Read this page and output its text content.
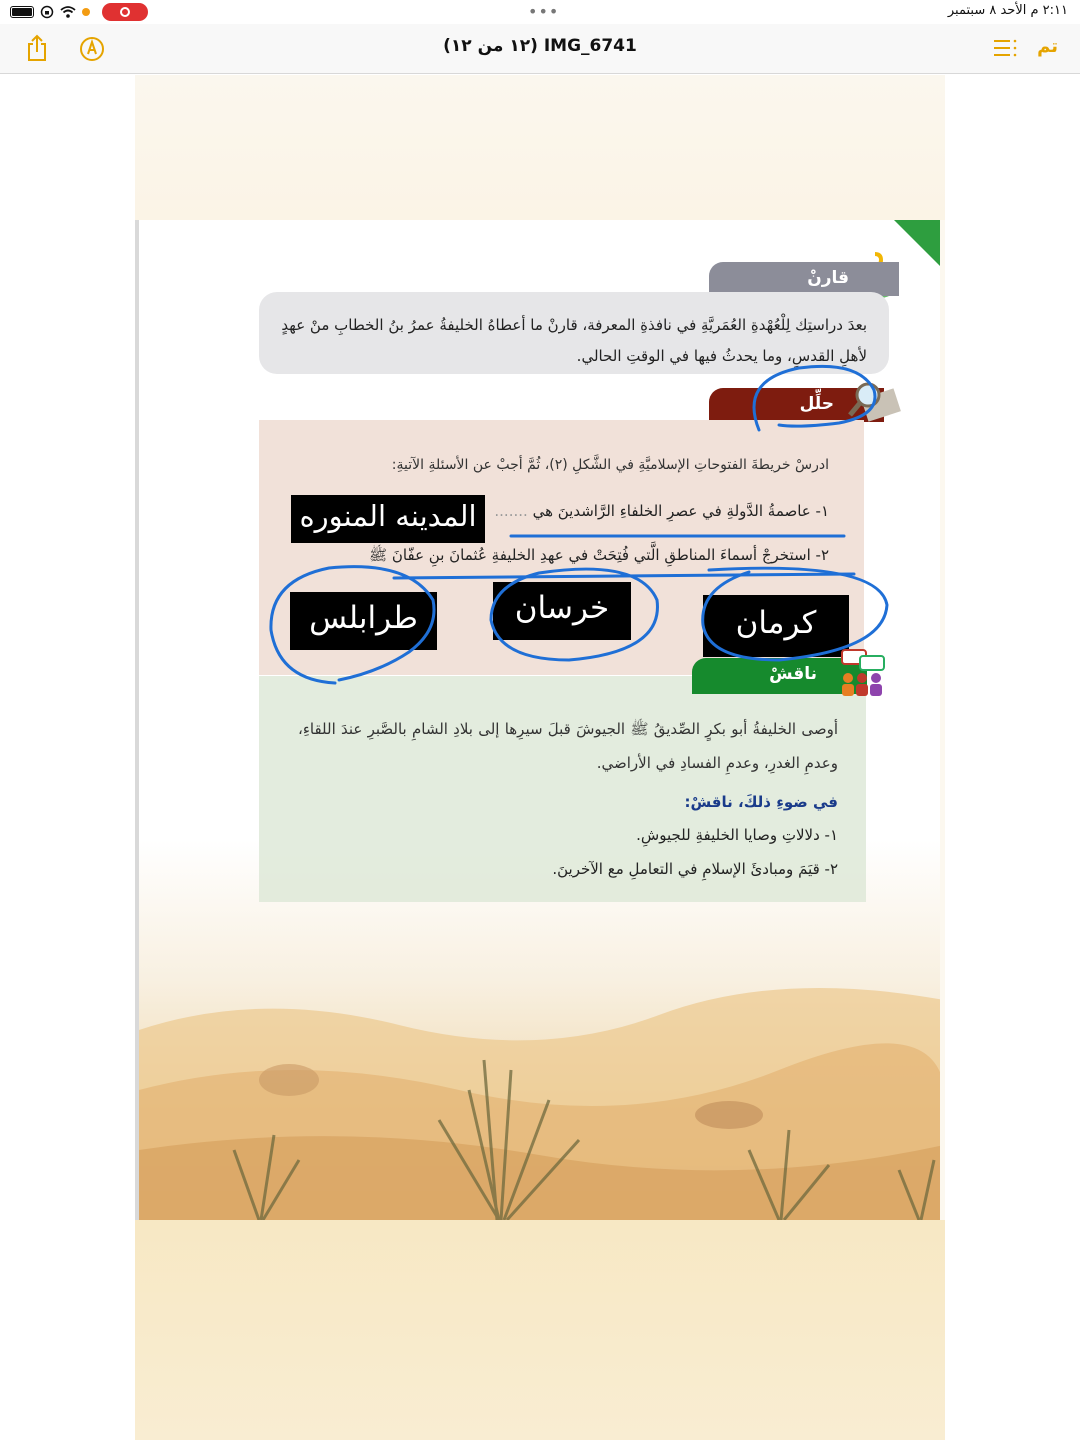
•••	٢:١١ م الأحد ٨ سبتمبر
IMG_6741 (١٢ من ١٢)	تم
قارنْ
بعدَ دراستِك لِلْعُهْدةِ العُمَريَّةِ في نافذةِ المعرفة، قارنْ ما أعطاهُ الخليفةُ عمرُ بنُ الخطابِ منْ عهدٍ لأهلِ القدسِ، وما يحدثُ فيها في الوقتِ الحالي.
حلِّل
ادرسْ خريطةَ الفتوحاتِ الإسلاميَّةِ في الشَّكلِ (٢)، ثُمَّ أجبْ عن الأسئلةِ الآتيةِ:
١- عاصمةُ الدَّولةِ في عصرِ الخلفاءِ الرَّاشدينَ هي .......
٢- استخرجْ أسماءَ المناطقِ الَّتي فُتِحَتْ في عهدِ الخليفةِ عُثمانَ بنِ عفّانَ ﷺ
المدينه المنوره
كرمان
خرسان
طرابلس
أوصى الخليفةُ أبو بكرٍ الصِّديقُ ﷺ الجيوشَ قبلَ سيرِها إلى بلادِ الشامِ بالصَّبرِ عندَ اللقاءِ، وعدمِ الغدرِ، وعدمِ الفسادِ في الأراضي.
في ضوءِ ذلكَ، ناقشْ:
١- دلالاتِ وصايا الخليفةِ للجيوشِ.
٢- قيَمَ ومبادئَ الإسلامِ في التعاملِ مع الآخرينَ.
ناقشْ
